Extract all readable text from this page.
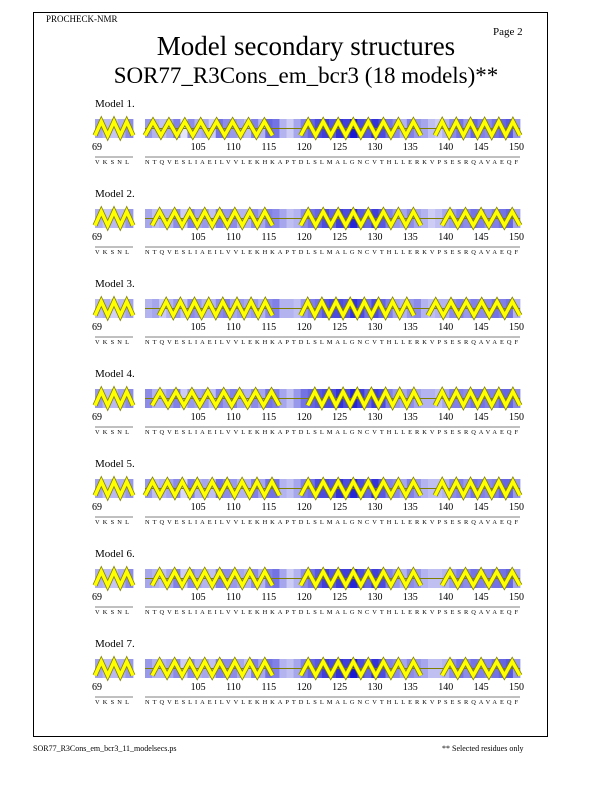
PROCHECK-NMR
Page 2
Model secondary structures
SOR77_R3Cons_em_bcr3 (18 models)**
Model 1.
Model 2.
Model 3.
Model 4.
Model 5.
Model 6.
Model 7.
69	105 110 115 120 125 130 135 140 145 150
VKSNL	NTQVESLIAEILVVLEKHKAPTDLSLMALGNCVTHLLERKVPSESRQAVAEQF
69	105 110 115 120 125 130 135 140 145 150
VKSNL	NTQVESLIAEILVVLEKHKAPTDLSLMALGNCVTHLLERKVPSESRQAVAEQF
69	105 110 115 120 125 130 135 140 145 150
VKSNL	NTQVESLIAEILVVLEKHKAPTDLSLMALGNCVTHLLERKVPSESRQAVAEQF
69	105 110 115 120 125 130 135 140 145 150
VKSNL	NTQVESLIAEILVVLEKHKAPTDLSLMALGNCVTHLLERKVPSESRQAVAEQF
69	105 110 115 120 125 130 135 140 145 150
VKSNL	NTQVESLIAEILVVLEKHKAPTDLSLMALGNCVTHLLERKVPSESRQAVAEQF
69	105 110 115 120 125 130 135 140 145 150
VKSNL	NTQVESLIAEILVVLEKHKAPTDLSLMALGNCVTHLLERKVPSESRQAVAEQF
69	105 110 115 120 125 130 135 140 145 150
VKSNL	NTQVESLIAEILVVLEKHKAPTDLSLMALGNCVTHLLERKVPSESRQAVAEQF
SOR77_R3Cons_em_bcr3_11_modelsecs.ps	** Selected residues only
